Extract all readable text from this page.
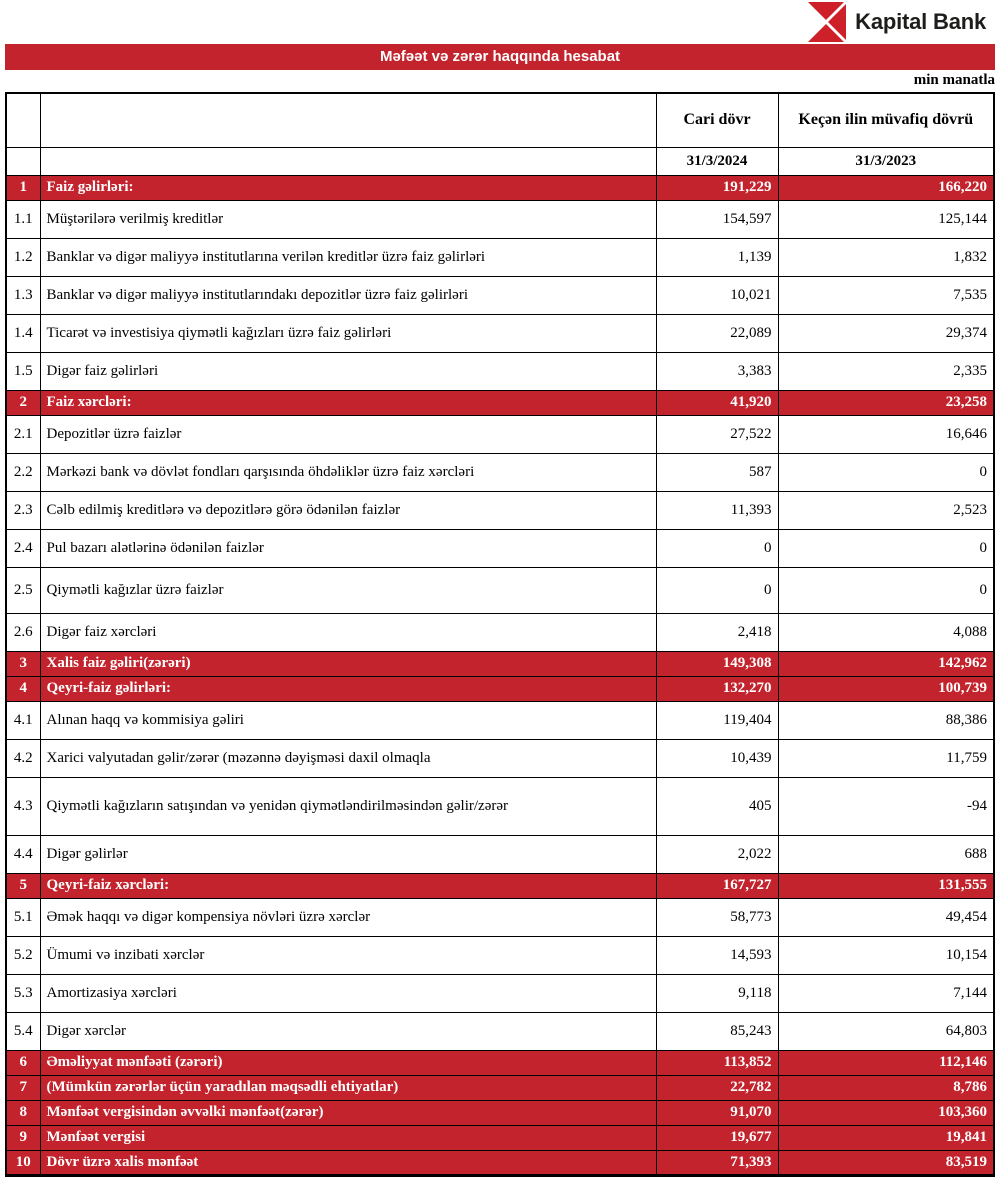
Kapital Bank
Məfəət və zərər haqqında hesabat
min manatla
		Cari dövr	Keçən ilin müvafiq dövrü
		31/3/2024	31/3/2023
1	Faiz gəlirləri:	191,229	166,220
1.1	Müştərilərə verilmiş kreditlər	154,597	125,144
1.2	Banklar və digər maliyyə institutlarına verilən kreditlər üzrə faiz gəlirləri	1,139	1,832
1.3	Banklar və digər maliyyə institutlarındakı depozitlər üzrə faiz gəlirləri	10,021	7,535
1.4	Ticarət və investisiya qiymətli kağızları üzrə faiz gəlirləri	22,089	29,374
1.5	Digər faiz gəlirləri	3,383	2,335
2	Faiz xərcləri:	41,920	23,258
2.1	Depozitlər üzrə faizlər	27,522	16,646
2.2	Mərkəzi bank və dövlət fondları qarşısında öhdəliklər üzrə faiz xərcləri	587	0
2.3	Cəlb edilmiş kreditlərə və depozitlərə görə ödənilən faizlər	11,393	2,523
2.4	Pul bazarı alətlərinə ödənilən faizlər	0	0
2.5	Qiymətli kağızlar üzrə faizlər	0	0
2.6	Digər faiz xərcləri	2,418	4,088
3	Xalis faiz gəliri(zərəri)	149,308	142,962
4	Qeyri-faiz gəlirləri:	132,270	100,739
4.1	Alınan haqq və kommisiya gəliri	119,404	88,386
4.2	Xarici valyutadan gəlir/zərər (məzənnə dəyişməsi daxil olmaqla	10,439	11,759
4.3	Qiymətli kağızların satışından və yenidən qiymətləndirilməsindən gəlir/zərər	405	-94
4.4	Digər gəlirlər	2,022	688
5	Qeyri-faiz xərcləri:	167,727	131,555
5.1	Əmək haqqı və digər kompensiya növləri üzrə xərclər	58,773	49,454
5.2	Ümumi və inzibati xərclər	14,593	10,154
5.3	Amortizasiya xərcləri	9,118	7,144
5.4	Digər xərclər	85,243	64,803
6	Əməliyyat mənfəəti (zərəri)	113,852	112,146
7	(Mümkün zərərlər üçün yaradılan məqsədli ehtiyatlar)	22,782	8,786
8	Mənfəət vergisindən əvvəlki mənfəət(zərər)	91,070	103,360
9	Mənfəət vergisi	19,677	19,841
10	Dövr üzrə xalis mənfəət	71,393	83,519
